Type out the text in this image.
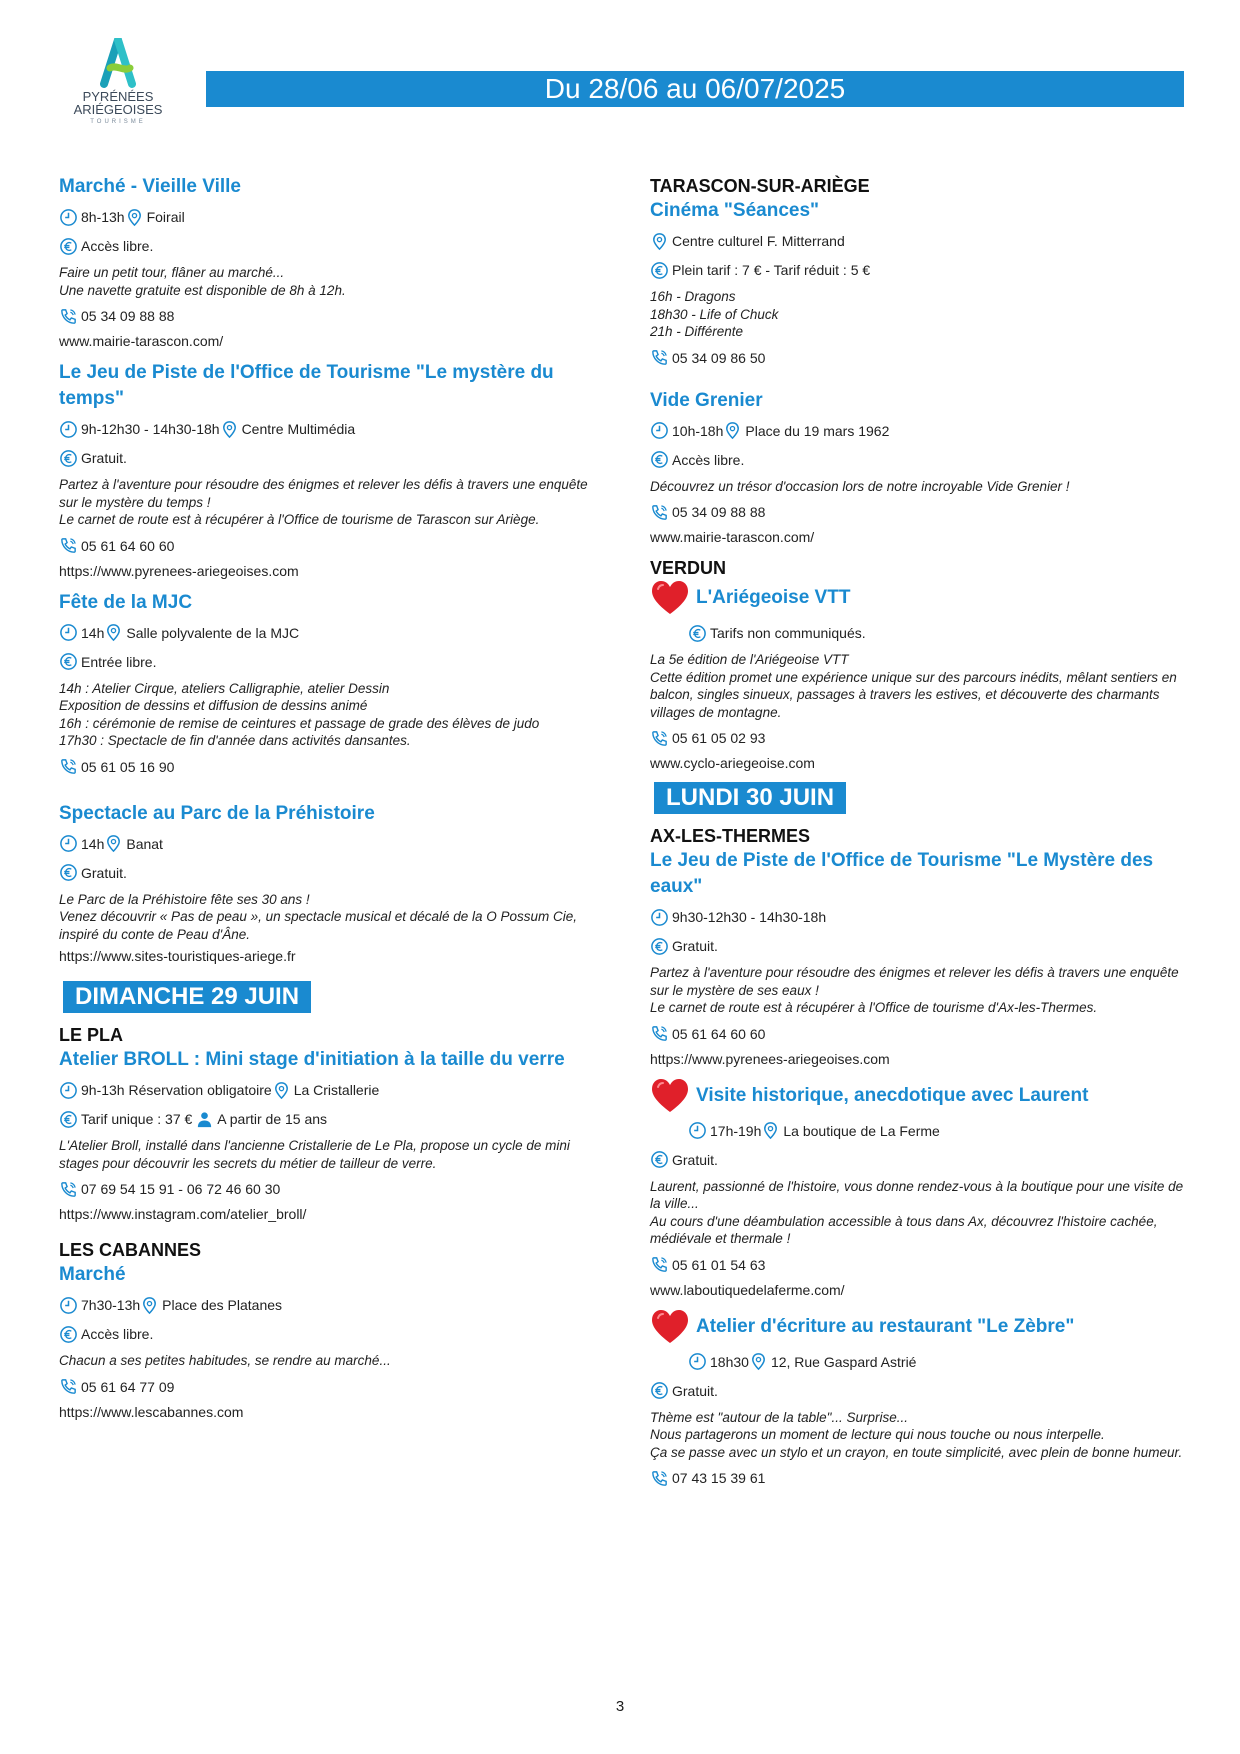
PYRÉNÉES
ARIÉGEOISES
TOURISME
Du 28/06 au 06/07/2025
Marché - Vieille Ville
8h-13h Foirail
Accès libre.
Faire un petit tour, flâner au marché...
Une navette gratuite est disponible de 8h à 12h.
05 34 09 88 88
www.mairie-tarascon.com/
Le Jeu de Piste de l'Office de Tourisme "Le mystère du temps"
9h-12h30 - 14h30-18h Centre Multimédia
Gratuit.
Partez à l'aventure pour résoudre des énigmes et relever les défis à travers une enquête sur le mystère du temps !
Le carnet de route est à récupérer à l'Office de tourisme de Tarascon sur Ariège.
05 61 64 60 60
https://www.pyrenees-ariegeoises.com
Fête de la MJC
14h Salle polyvalente de la MJC
Entrée libre.
14h : Atelier Cirque, ateliers Calligraphie, atelier Dessin
Exposition de dessins et diffusion de dessins animé
16h : cérémonie de remise de ceintures et passage de grade des élèves de judo
17h30 : Spectacle de fin d'année dans activités dansantes.
05 61 05 16 90
Spectacle au Parc de la Préhistoire
14h Banat
Gratuit.
Le Parc de la Préhistoire fête ses 30 ans !
Venez découvrir « Pas de peau », un spectacle musical et décalé de la O Possum Cie, inspiré du conte de Peau d'Âne.
https://www.sites-touristiques-ariege.fr
DIMANCHE 29 JUIN
LE PLA
Atelier BROLL : Mini stage d'initiation à la taille du verre
9h-13h Réservation obligatoire La Cristallerie
Tarif unique : 37 € A partir de 15 ans
L'Atelier Broll, installé dans l'ancienne Cristallerie de Le Pla, propose un cycle de mini stages pour découvrir les secrets du métier de tailleur de verre.
07 69 54 15 91 - 06 72 46 60 30
https://www.instagram.com/atelier_broll/
LES CABANNES
Marché
7h30-13h Place des Platanes
Accès libre.
Chacun a ses petites habitudes, se rendre au marché...
05 61 64 77 09
https://www.lescabannes.com
TARASCON-SUR-ARIÈGE
Cinéma "Séances"
Centre culturel F. Mitterrand
Plein tarif : 7 € - Tarif réduit : 5 €
16h - Dragons
18h30 - Life of Chuck
21h - Différente
05 34 09 86 50
Vide Grenier
10h-18h Place du 19 mars 1962
Accès libre.
Découvrez un trésor d'occasion lors de notre incroyable Vide Grenier !
05 34 09 88 88
www.mairie-tarascon.com/
VERDUN
L'Ariégeoise VTT
Tarifs non communiqués.
La 5e édition de l'Ariégeoise VTT
Cette édition promet une expérience unique sur des parcours inédits, mêlant sentiers en balcon, singles sinueux, passages à travers les estives, et découverte des charmants villages de montagne.
05 61 05 02 93
www.cyclo-ariegeoise.com
LUNDI 30 JUIN
AX-LES-THERMES
Le Jeu de Piste de l'Office de Tourisme "Le Mystère des eaux"
9h30-12h30 - 14h30-18h
Gratuit.
Partez à l'aventure pour résoudre des énigmes et relever les défis à travers une enquête sur le mystère de ses eaux !
Le carnet de route est à récupérer à l'Office de tourisme d'Ax-les-Thermes.
05 61 64 60 60
https://www.pyrenees-ariegeoises.com
Visite historique, anecdotique avec Laurent
17h-19h La boutique de La Ferme
Gratuit.
Laurent, passionné de l'histoire, vous donne rendez-vous à la boutique pour une visite de la ville...
Au cours d'une déambulation accessible à tous dans Ax, découvrez l'histoire cachée, médiévale et thermale !
05 61 01 54 63
www.laboutiquedelaferme.com/
Atelier d'écriture au restaurant "Le Zèbre"
18h30 12, Rue Gaspard Astrié
Gratuit.
Thème est "autour de la table"... Surprise...
Nous partagerons un moment de lecture qui nous touche ou nous interpelle.
Ça se passe avec un stylo et un crayon, en toute simplicité, avec plein de bonne humeur.
07 43 15 39 61
3
